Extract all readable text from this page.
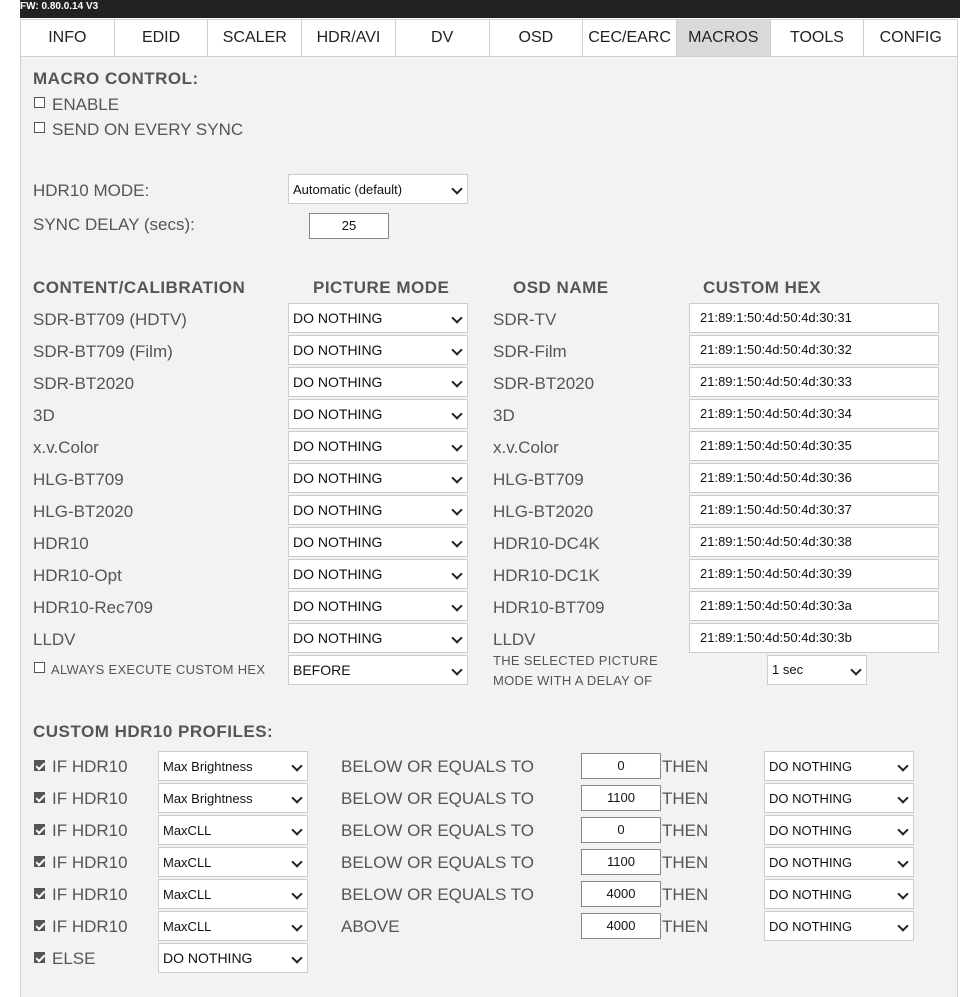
FW: 0.80.0.14 V3
INFO	EDID	SCALER	HDR/AVI	DV	OSD	CEC/EARC	MACROS	TOOLS	CONFIG
MACRO CONTROL:
ENABLE
SEND ON EVERY SYNC
HDR10 MODE:	Automatic (default)
SYNC DELAY (secs):	25
CONTENT/CALIBRATION	PICTURE MODE	OSD NAME	CUSTOM HEX
SDR-BT709 (HDTV)	DO NOTHING	SDR-TV	21:89:1:50:4d:50:4d:30:31
SDR-BT709 (Film)	DO NOTHING	SDR-Film	21:89:1:50:4d:50:4d:30:32
SDR-BT2020	DO NOTHING	SDR-BT2020	21:89:1:50:4d:50:4d:30:33
3D	DO NOTHING	3D	21:89:1:50:4d:50:4d:30:34
x.v.Color	DO NOTHING	x.v.Color	21:89:1:50:4d:50:4d:30:35
HLG-BT709	DO NOTHING	HLG-BT709	21:89:1:50:4d:50:4d:30:36
HLG-BT2020	DO NOTHING	HLG-BT2020	21:89:1:50:4d:50:4d:30:37
HDR10	DO NOTHING	HDR10-DC4K	21:89:1:50:4d:50:4d:30:38
HDR10-Opt	DO NOTHING	HDR10-DC1K	21:89:1:50:4d:50:4d:30:39
HDR10-Rec709	DO NOTHING	HDR10-BT709	21:89:1:50:4d:50:4d:30:3a
LLDV	DO NOTHING	LLDV	21:89:1:50:4d:50:4d:30:3b
ALWAYS EXECUTE CUSTOM HEX	BEFORE
THE SELECTED PICTURE
MODE WITH A DELAY OF
1 sec
CUSTOM HDR10 PROFILES:
IF HDR10	Max Brightness	BELOW OR EQUALS TO	0	THEN	DO NOTHING
IF HDR10	Max Brightness	BELOW OR EQUALS TO	1100	THEN	DO NOTHING
IF HDR10	MaxCLL	BELOW OR EQUALS TO	0	THEN	DO NOTHING
IF HDR10	MaxCLL	BELOW OR EQUALS TO	1100	THEN	DO NOTHING
IF HDR10	MaxCLL	BELOW OR EQUALS TO	4000	THEN	DO NOTHING
IF HDR10	MaxCLL	ABOVE	4000	THEN	DO NOTHING
ELSE	DO NOTHING
